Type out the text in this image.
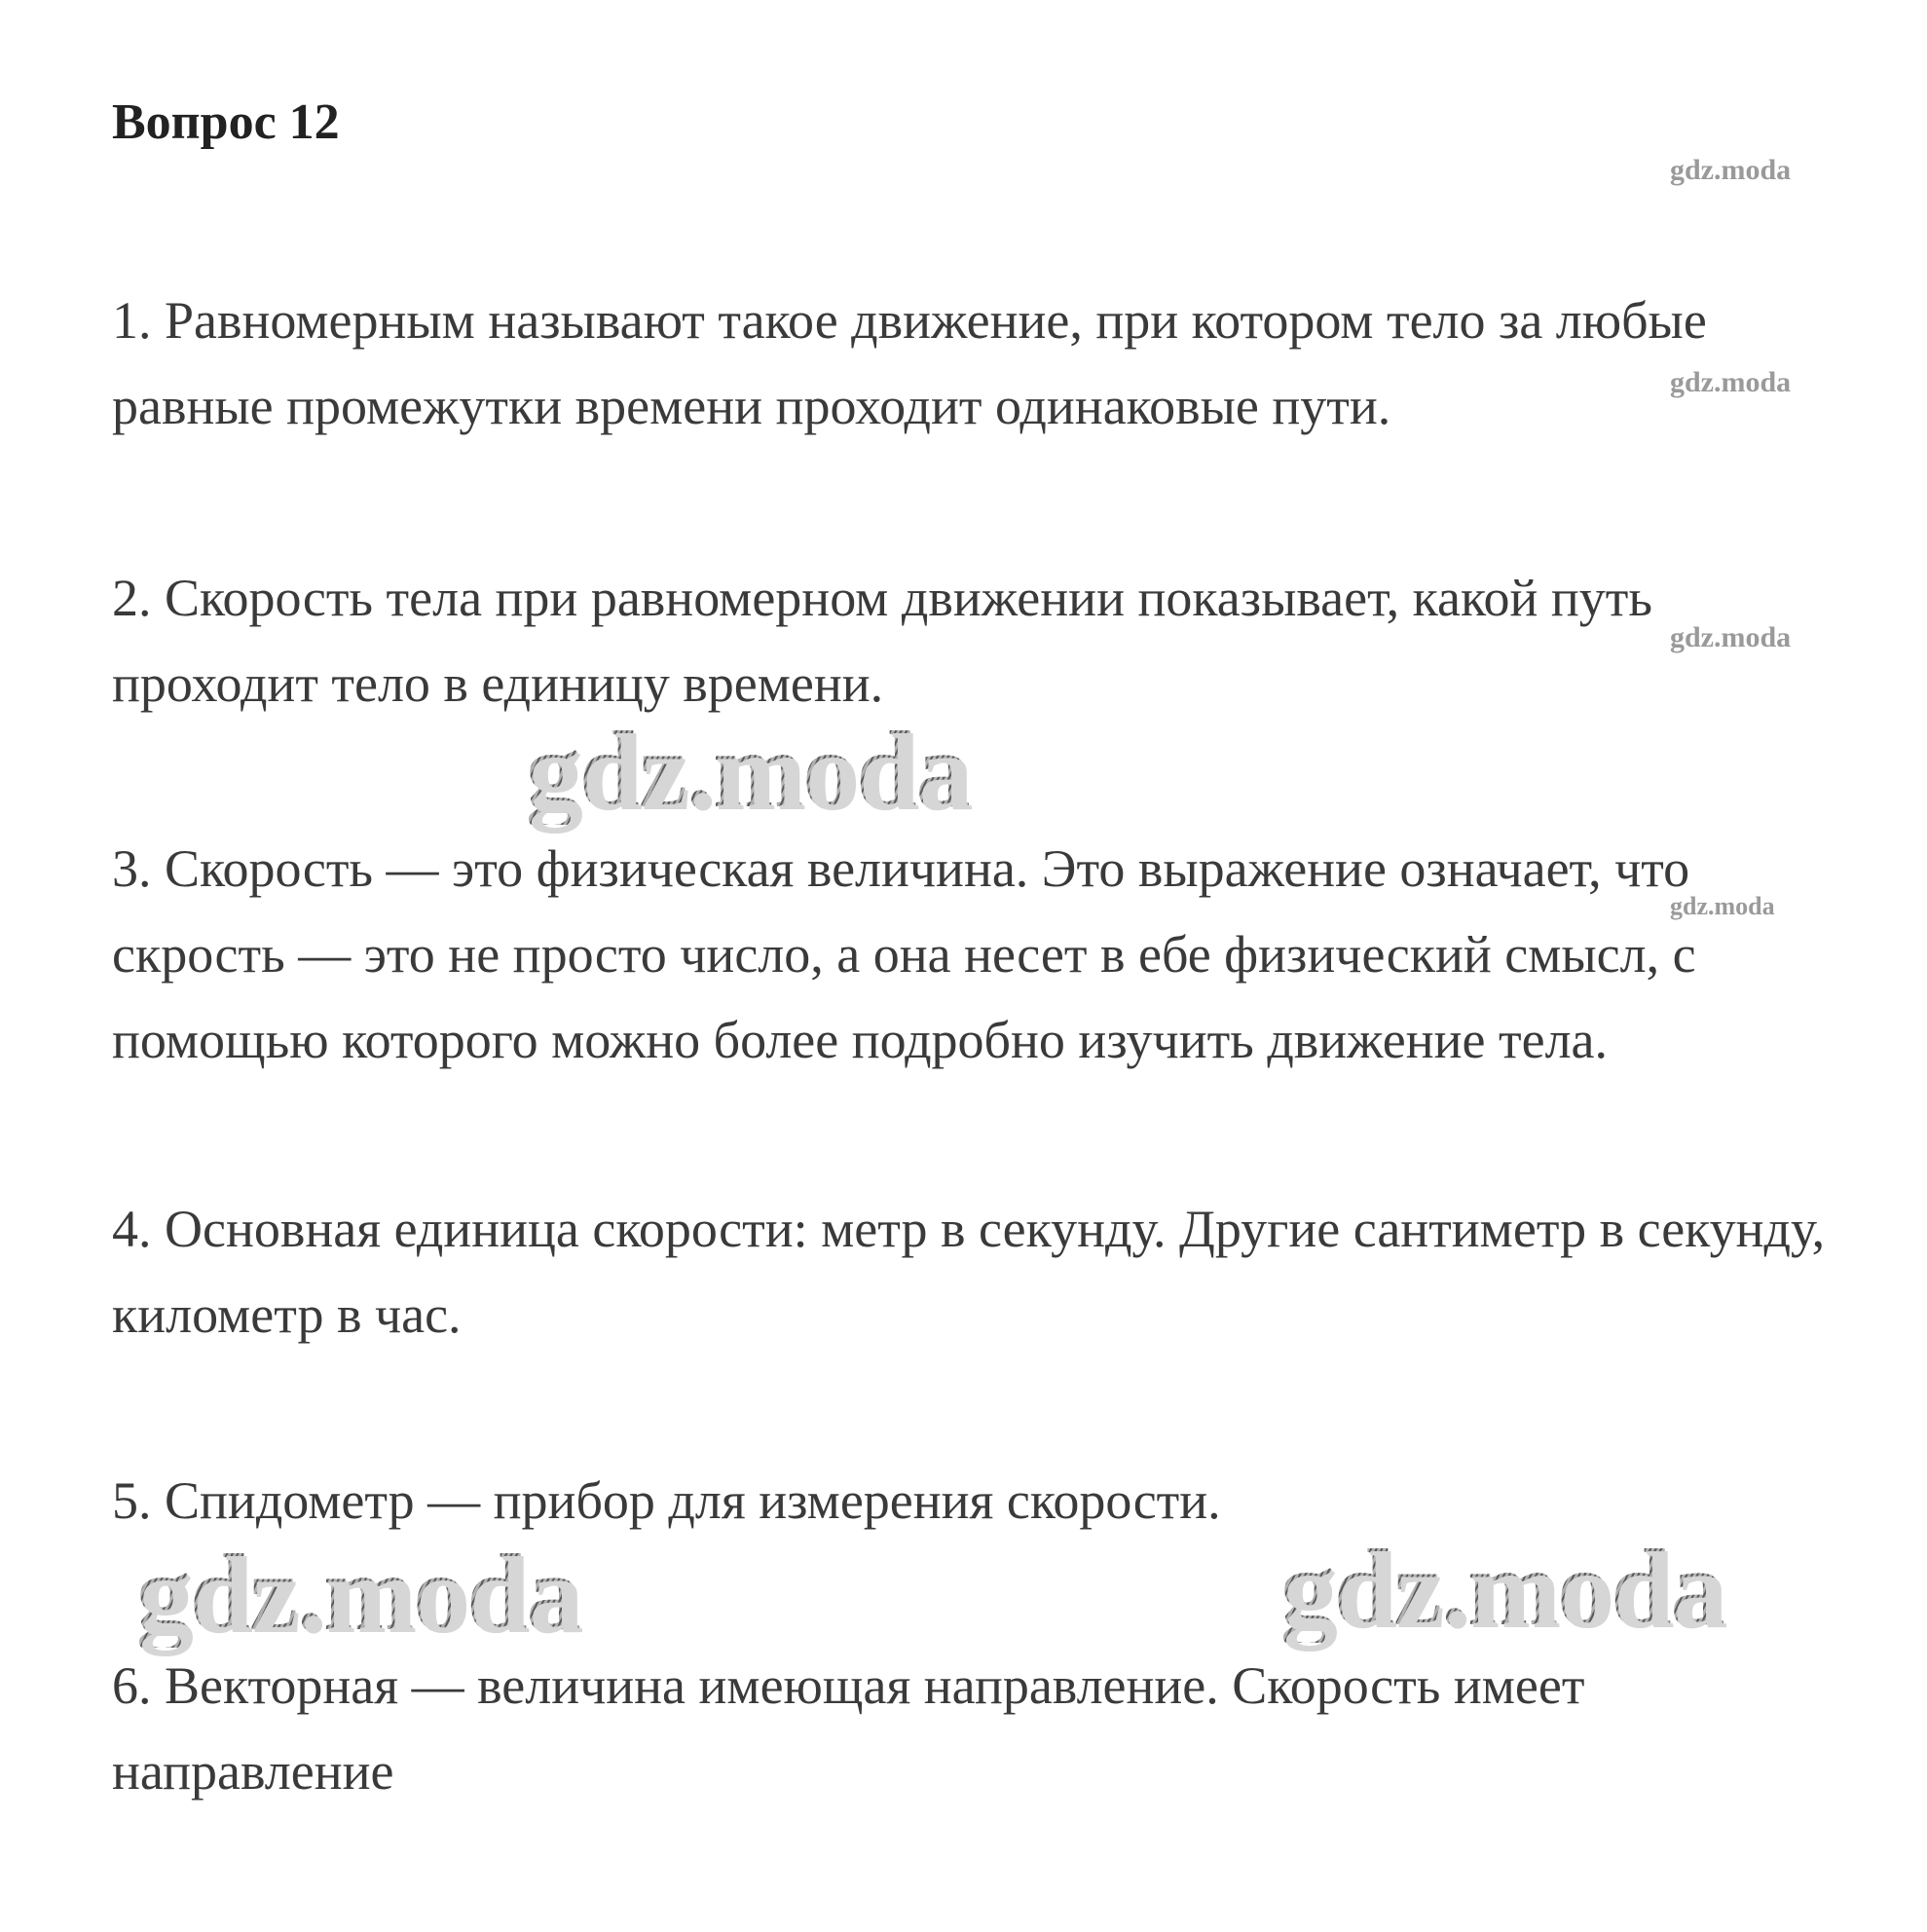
Вопрос 12

1. Равномерным называют такое движение, при котором тело за любые равные промежутки времени проходит одинаковые пути.

2. Скорость тела при равномерном движении показывает, какой путь проходит тело в единицу времени.

3. Скорость — это физическая величина. Это выражение означает, что скрость — это не просто число, а она несет в ебе физический смысл, с помощью которого можно более подробно изучить движение тела.

4. Основная единица скорости: метр в секунду. Другие сантиметр в секунду, километр в час.

5. Спидометр — прибор для измерения скорости.

6. Векторная — величина имеющая направление. Скорость имеет направление

gdz.moda
gdz.moda
gdz.moda
gdz.moda
gdz.moda
gdz.moda	gdz.moda
